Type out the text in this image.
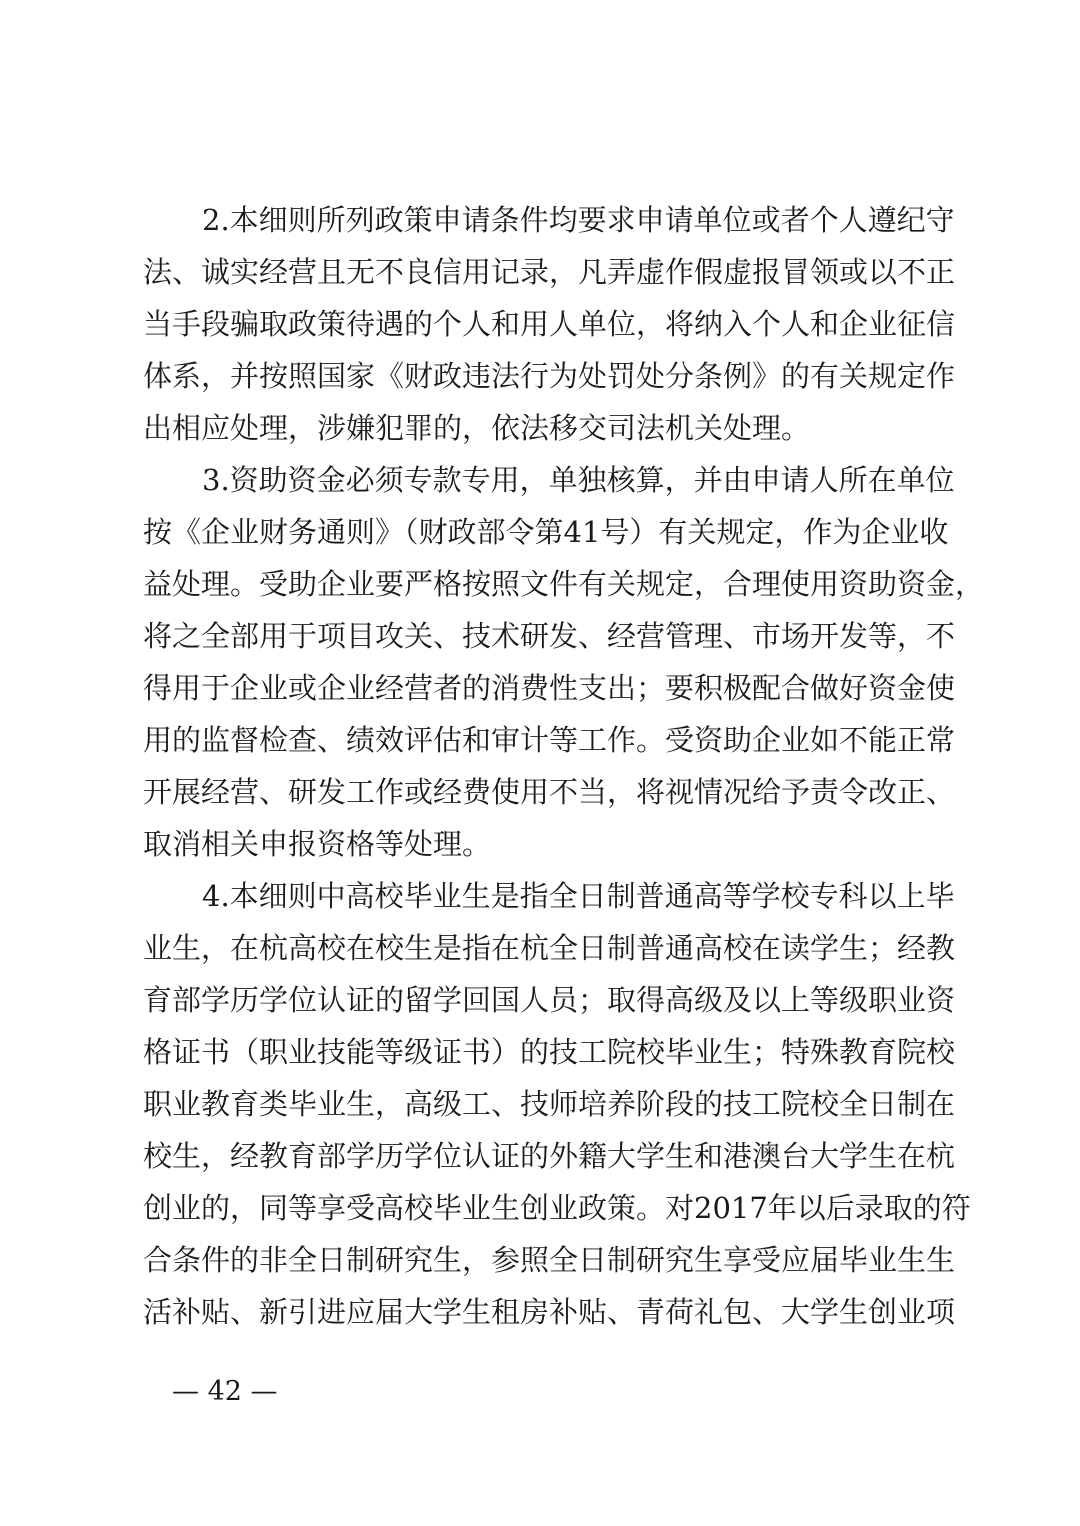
2.本细则所列政策申请条件均要求申请单位或者个人遵纪守
法、诚实经营且无不良信用记录，凡弄虚作假虚报冒领或以不正
当手段骗取政策待遇的个人和用人单位，将纳入个人和企业征信
体系，并按照国家《财政违法行为处罚处分条例》的有关规定作
出相应处理，涉嫌犯罪的，依法移交司法机关处理。
3.资助资金必须专款专用，单独核算，并由申请人所在单位
按《企业财务通则》（财政部令第41号）有关规定，作为企业收
益处理。受助企业要严格按照文件有关规定，合理使用资助资金，
将之全部用于项目攻关、技术研发、经营管理、市场开发等，不
得用于企业或企业经营者的消费性支出；要积极配合做好资金使
用的监督检查、绩效评估和审计等工作。受资助企业如不能正常
开展经营、研发工作或经费使用不当，将视情况给予责令改正、
取消相关申报资格等处理。
4.本细则中高校毕业生是指全日制普通高等学校专科以上毕
业生，在杭高校在校生是指在杭全日制普通高校在读学生；经教
育部学历学位认证的留学回国人员；取得高级及以上等级职业资
格证书（职业技能等级证书）的技工院校毕业生；特殊教育院校
职业教育类毕业生，高级工、技师培养阶段的技工院校全日制在
校生，经教育部学历学位认证的外籍大学生和港澳台大学生在杭
创业的，同等享受高校毕业生创业政策。对2017年以后录取的符
合条件的非全日制研究生，参照全日制研究生享受应届毕业生生
活补贴、新引进应届大学生租房补贴、青荷礼包、大学生创业项
— 42 —
